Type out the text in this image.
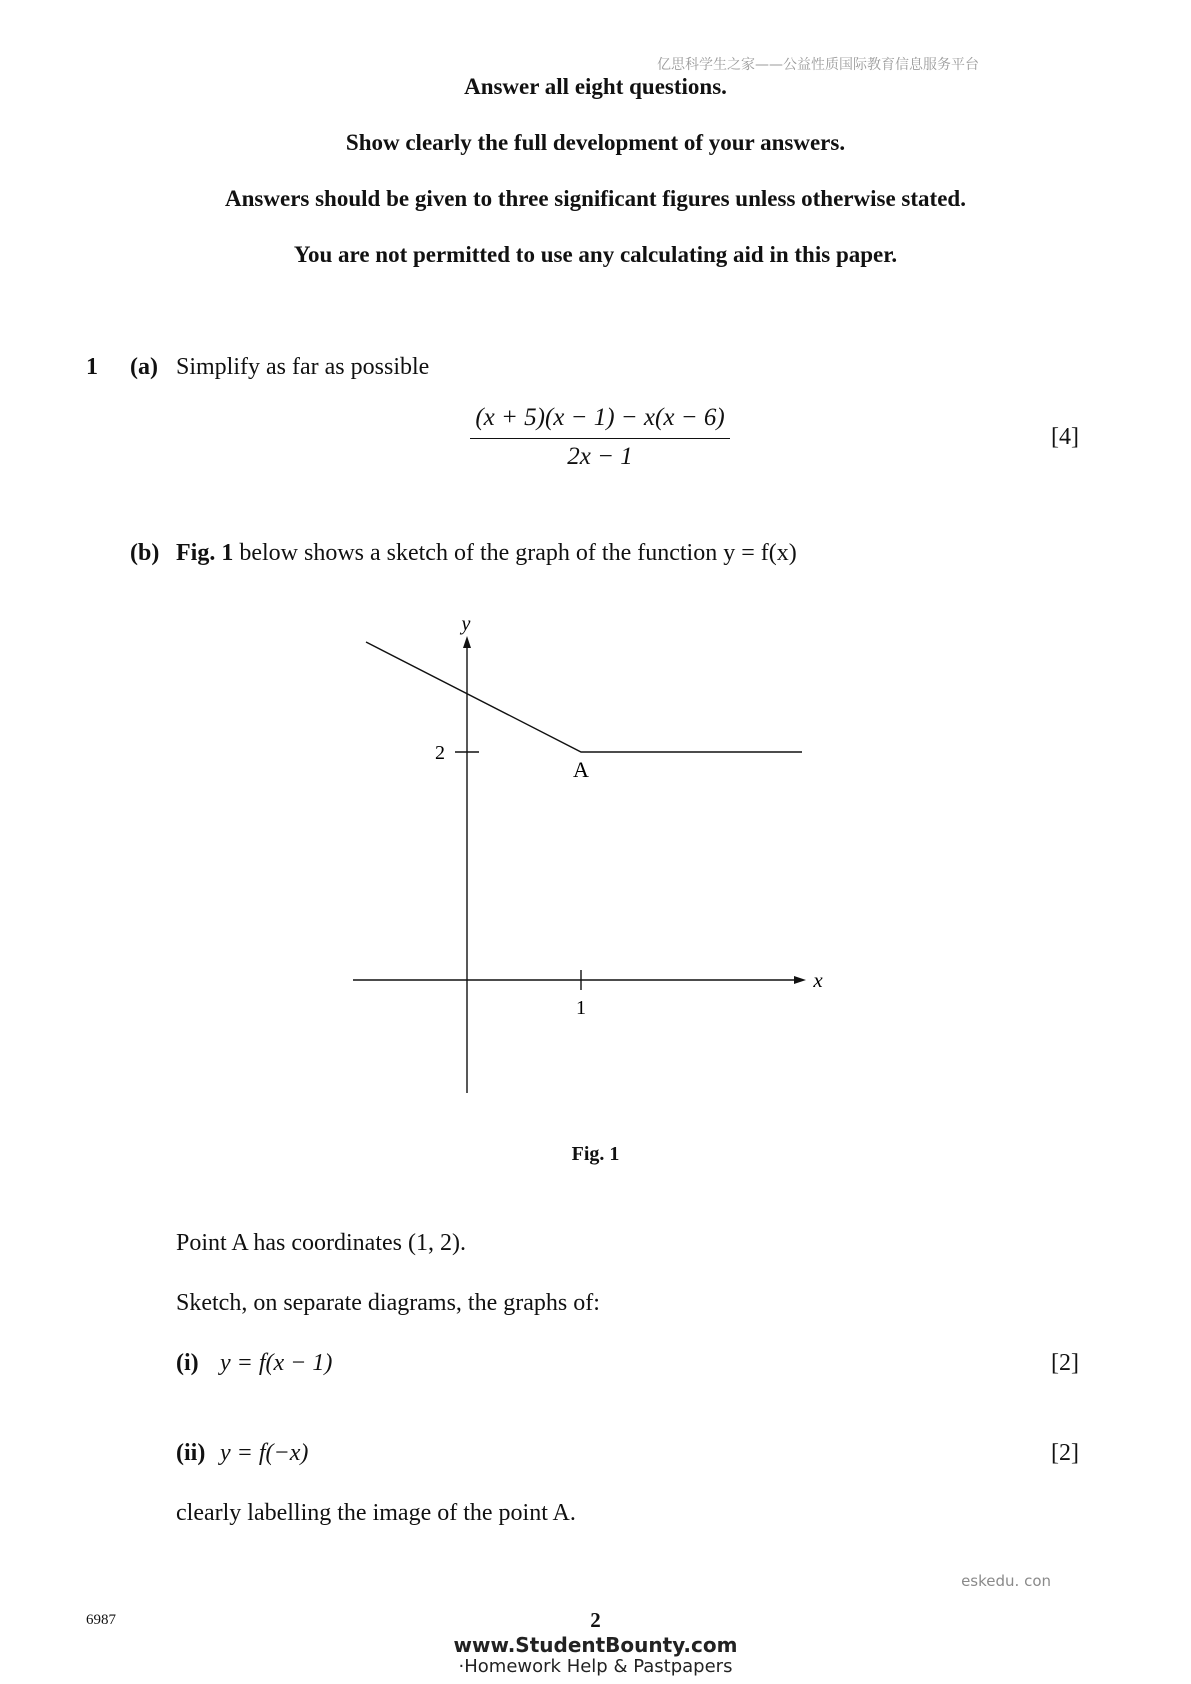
亿思科学生之家——公益性质国际教育信息服务平台
Answer all eight questions.
Show clearly the full development of your answers.
Answers should be given to three significant figures unless otherwise stated.
You are not permitted to use any calculating aid in this paper.
1 (a) Simplify as far as possible
$\frac{(x + 5)(x - 1) - x(x - 6)}{2x - 1}$	[4]
(b) Fig. 1 below shows a sketch of the graph of the function y = f(x)
y
x
2
1
A
Fig. 1
Point A has coordinates (1, 2).
Sketch, on separate diagrams, the graphs of:
(i) y = f(x − 1)	[2]
(ii) y = f(−x)	[2]
clearly labelling the image of the point A.
eskedu. con
6987	2
www.StudentBounty.com
·Homework Help & Pastpapers
